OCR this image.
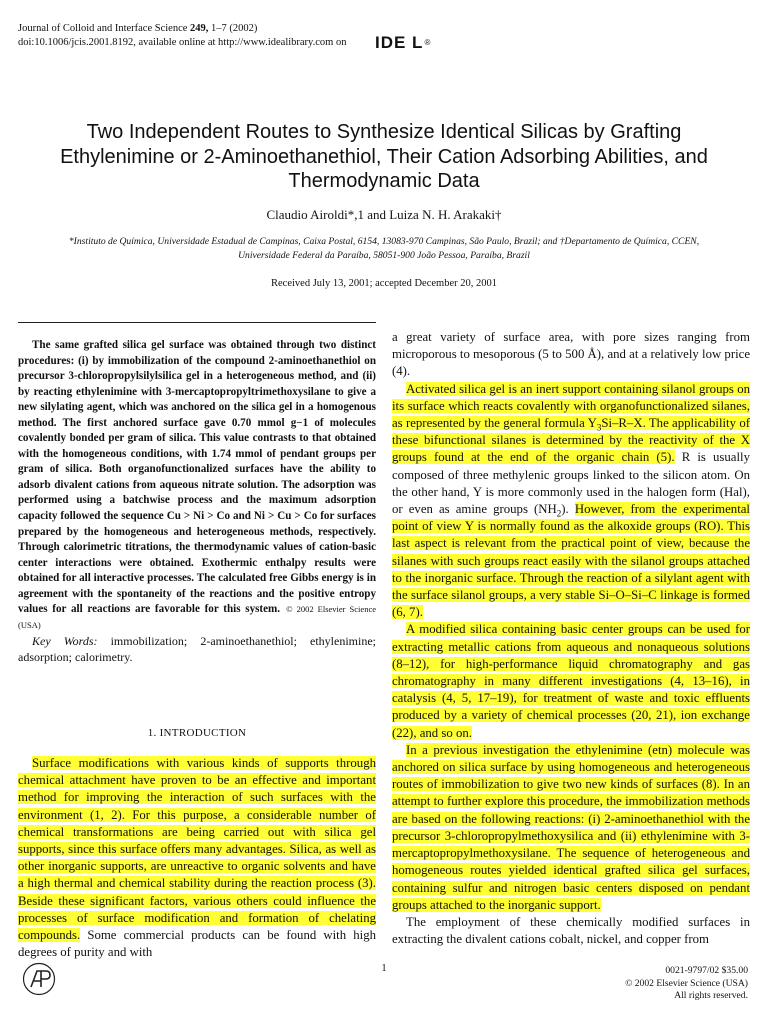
Journal of Colloid and Interface Science 249, 1–7 (2002)
doi:10.1006/jcis.2001.8192, available online at http://www.idealibrary.com on IDE L®
Two Independent Routes to Synthesize Identical Silicas by Grafting Ethylenimine or 2-Aminoethanethiol, Their Cation Adsorbing Abilities, and Thermodynamic Data
Claudio Airoldi*,1 and Luiza N. H. Arakaki†
*Instituto de Química, Universidade Estadual de Campinas, Caixa Postal, 6154, 13083-970 Campinas, São Paulo, Brazil; and †Departamento de Química, CCEN, Universidade Federal da Paraíba, 58051-900 João Pessoa, Paraíba, Brazil
Received July 13, 2001; accepted December 20, 2001
The same grafted silica gel surface was obtained through two distinct procedures: (i) by immobilization of the compound 2-aminoethanethiol on precursor 3-chloropropylsilylsilica gel in a heterogeneous method, and (ii) by reacting ethylenimine with 3-mercaptopropyltrimethoxysilane to give a new silylating agent, which was anchored on the silica gel in a homogenous method. The first anchored surface gave 0.70 mmol g−1 of molecules covalently bonded per gram of silica. This value contrasts to that obtained with the homogeneous conditions, with 1.74 mmol of pendant groups per gram of silica. Both organofunctionalized surfaces have the ability to adsorb divalent cations from aqueous nitrate solution. The adsorption was performed using a batchwise process and the maximum adsorption capacity followed the sequence Cu > Ni > Co and Ni > Cu > Co for surfaces prepared by the homogeneous and heterogeneous methods, respectively. Through calorimetric titrations, the thermodynamic values of cation-basic center interactions were obtained. Exothermic enthalpy results were obtained for all interactive processes. The calculated free Gibbs energy is in agreement with the spontaneity of the reactions and the positive entropy values for all reactions are favorable for this system. © 2002 Elsevier Science (USA)
Key Words: immobilization; 2-aminoethanethiol; ethylenimine; adsorption; calorimetry.
1. INTRODUCTION

Surface modifications with various kinds of supports through chemical attachment have proven to be an effective and important method for improving the interaction of such surfaces with the environment (1, 2). For this purpose, a considerable number of chemical transformations are being carried out with silica gel supports, since this surface offers many advantages. Silica, as well as other inorganic supports, are unreactive to organic solvents and have a high thermal and chemical stability during the reaction process (3). Beside these significant factors, various others could influence the processes of surface modification and formation of chelating compounds. Some commercial products can be found with high degrees of purity and with

a great variety of surface area, with pore sizes ranging from microporous to mesoporous (5 to 500 Å), and at a relatively low price (4).

Activated silica gel is an inert support containing silanol groups on its surface which reacts covalently with organofunctionalized silanes, as represented by the general formula $Y_3Si-R-X$. The applicability of these bifunctional silanes is determined by the reactivity of the X groups found at the end of the organic chain (5). R is usually composed of three methylenic groups linked to the silicon atom. On the other hand, Y is more commonly used in the halogen form (Hal), or even as amine groups $(NH_2)$. However, from the experimental point of view Y is normally found as the alkoxide groups (RO). This last aspect is relevant from the practical point of view, because the silanes with such groups react easily with the silanol groups attached to the inorganic surface. Through the reaction of a silylant agent with the surface silanol groups, a very stable Si–O–Si–C linkage is formed (6, 7).

A modified silica containing basic center groups can be used for extracting metallic cations from aqueous and nonaqueous solutions (8–12), for high-performance liquid chromatography and gas chromatography in many different investigations (4, 13–16), in catalysis (4, 5, 17–19), for treatment of waste and toxic effluents produced by a variety of chemical processes (20, 21), ion exchange (22), and so on.

In a previous investigation the ethylenimine (etn) molecule was anchored on silica surface by using homogeneous and heterogeneous routes of immobilization to give two new kinds of surfaces (8). In an attempt to further explore this procedure, the immobilization methods are based on the following reactions: (i) 2-aminoethanethiol with the precursor 3-chloropropylmethoxysilica and (ii) ethylenimine with 3-mercaptopropylmethoxysilane. The sequence of heterogeneous and homogeneous routes yielded identical grafted silica gel surfaces, containing sulfur and nitrogen basic centers disposed on pendant groups attached to the inorganic support.

The employment of these chemically modified surfaces in extracting the divalent cations cobalt, nickel, and copper from

1	0021-9797/02 $35.00
© 2002 Elsevier Science (USA)
All rights reserved.
